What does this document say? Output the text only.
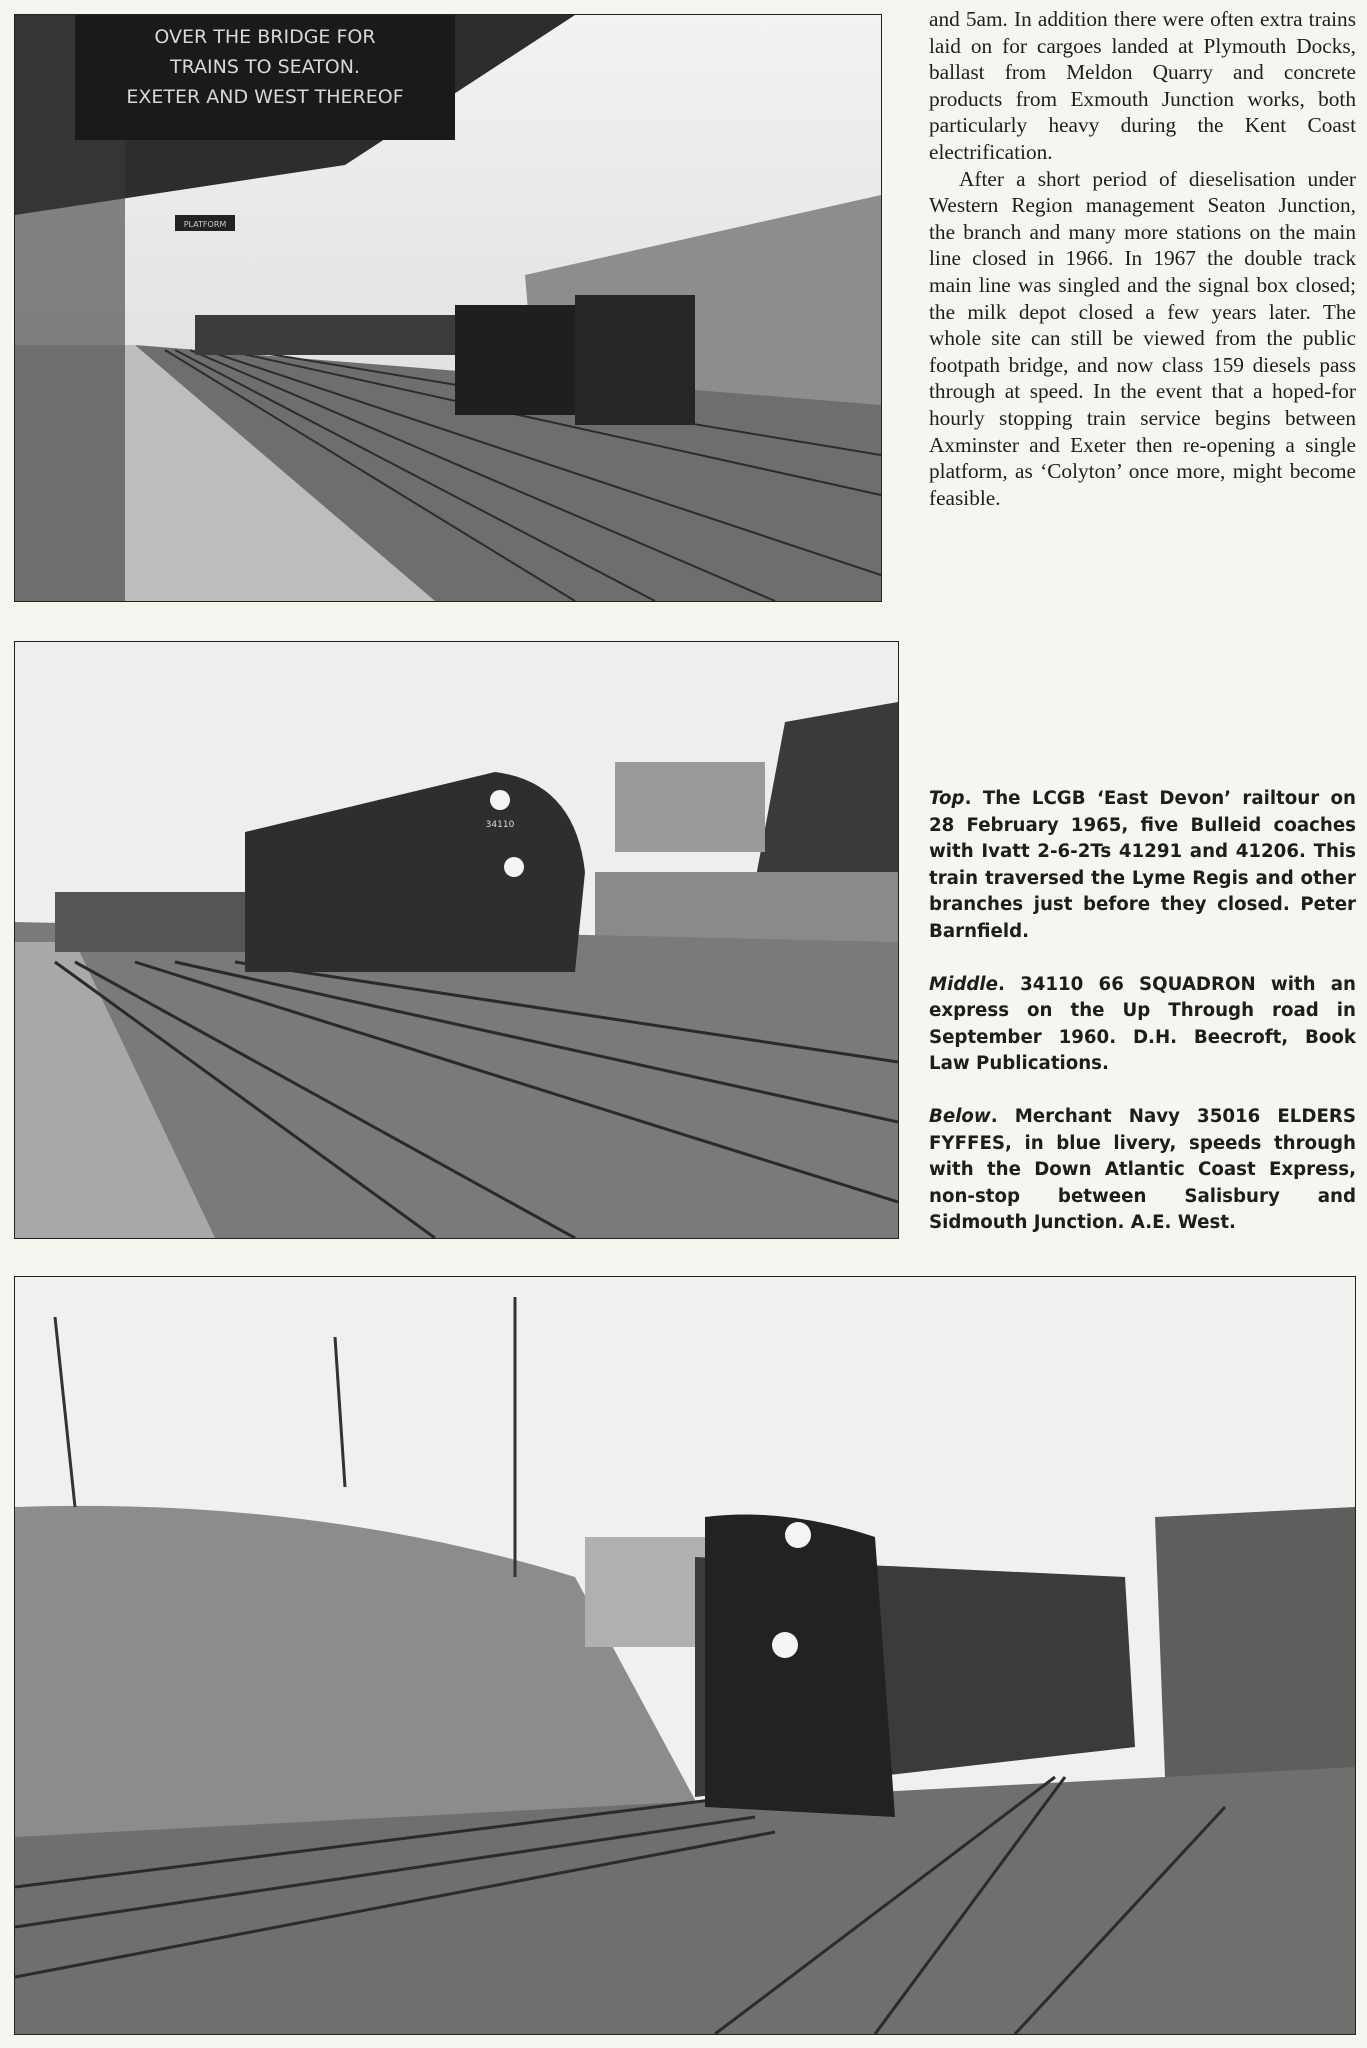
OVER THE BRIDGE FOR
TRAINS TO SEATON.
EXETER AND WEST THEREOF
PLATFORM

and 5am. In addition there were often extra trains laid on for cargoes landed at Plymouth Docks, ballast from Meldon Quarry and concrete products from Exmouth Junction works, both particularly heavy during the Kent Coast electrification.

After a short period of dieselisation under Western Region management Seaton Junction, the branch and many more stations on the main line closed in 1966. In 1967 the double track main line was singled and the signal box closed; the milk depot closed a few years later. The whole site can still be viewed from the public footpath bridge, and now class 159 diesels pass through at speed. In the event that a hoped-for hourly stopping train service begins between Axminster and Exeter then re-opening a single platform, as ‘Colyton’ once more, might become feasible.

34110

Top. The LCGB ‘East Devon’ railtour on 28 February 1965, five Bulleid coaches with Ivatt 2-6-2Ts 41291 and 41206. This train traversed the Lyme Regis and other branches just before they closed. Peter Barnfield.

Middle. 34110 66 SQUADRON with an express on the Up Through road in September 1960. D.H. Beecroft, Book Law Publications.

Below. Merchant Navy 35016 ELDERS FYFFES, in blue livery, speeds through with the Down Atlantic Coast Express, non-stop between Salisbury and Sidmouth Junction. A.E. West.
